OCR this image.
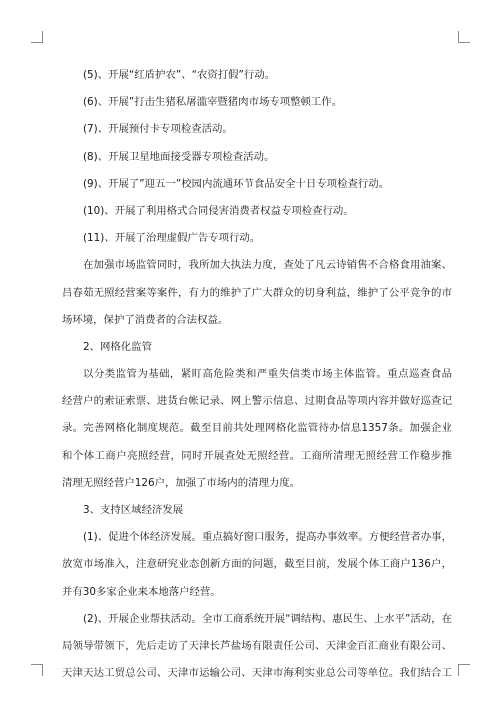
(5)、开展“红盾护农”、“农资打假”行动。
(6)、开展”打击生猪私屠滥宰暨猪肉市场专项整顿工作。
(7)、开展预付卡专项检查活动。
(8)、开展卫星地面接受器专项检查活动。
(9)、开展了”迎五一”校园内流通环节食品安全十日专项检查行动。
(10)、开展了利用格式合同侵害消费者权益专项检查行动。
(11)、开展了治理虚假广告专项行动。
在加强市场监管同时，我所加大执法力度，查处了凡云诗销售不合格食用油案、
吕春茹无照经营案等案件，有力的维护了广大群众的切身利益，维护了公平竞争的市
场环境，保护了消费者的合法权益。
2、网格化监管
以分类监管为基础，紧盯高危险类和严重失信类市场主体监管。重点巡查食品
经营户的索证索票、进货台帐记录、网上警示信息、过期食品等项内容并做好巡查记
录。完善网格化制度规范。截至目前共处理网格化监管待办信息1357条。加强企业
和个体工商户亮照经营，同时开展查处无照经营。工商所清理无照经营工作稳步推
清理无照经营户126户，加强了市场内的清理力度。
3、支持区域经济发展
(1)、促进个体经济发展。重点搞好窗口服务，提高办事效率。方便经营者办事，
放宽市场准入，注意研究业态创新方面的问题，截至目前，发展个体工商户136户，
并有30多家企业来本地落户经营。
(2)、开展企业帮扶活动。全市工商系统开展“调结构、惠民生、上水平”活动，在
局领导带领下，先后走访了天津长芦盐场有限责任公司、天津金百汇商业有限公司、
天津天达工贸总公司、天津市运输公司、天津市海利实业总公司等单位。我们结合工
